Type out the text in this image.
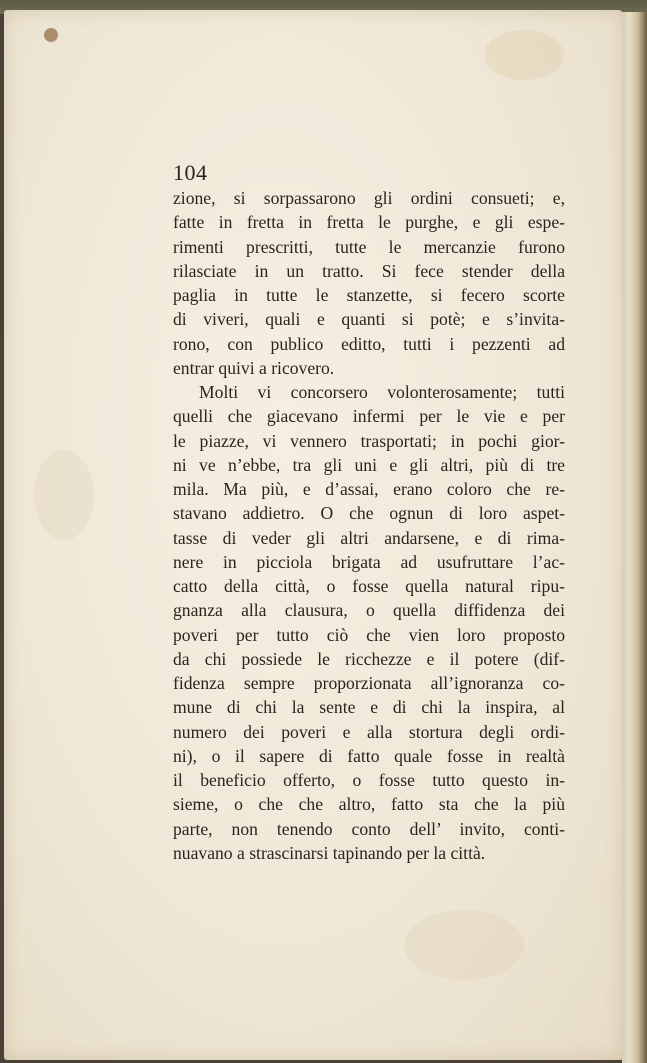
104
zione, si sorpassarono gli ordini consueti; e,
fatte in fretta in fretta le purghe, e gli espe-
rimenti prescritti, tutte le mercanzie furono
rilasciate in un tratto. Si fece stender della
paglia in tutte le stanzette, si fecero scorte
di viveri, quali e quanti si potè; e s’invita-
rono, con publico editto, tutti i pezzenti ad
entrar quivi a ricovero.
Molti vi concorsero volonterosamente; tutti
quelli che giacevano infermi per le vie e per
le piazze, vi vennero trasportati; in pochi gior-
ni ve n’ebbe, tra gli uni e gli altri, più di tre
mila. Ma più, e d’assai, erano coloro che re-
stavano addietro. O che ognun di loro aspet-
tasse di veder gli altri andarsene, e di rima-
nere in picciola brigata ad usufruttare l’ac-
catto della città, o fosse quella natural ripu-
gnanza alla clausura, o quella diffidenza dei
poveri per tutto ciò che vien loro proposto
da chi possiede le ricchezze e il potere (dif-
fidenza sempre proporzionata all’ignoranza co-
mune di chi la sente e di chi la inspira, al
numero dei poveri e alla stortura degli ordi-
ni), o il sapere di fatto quale fosse in realtà
il beneficio offerto, o fosse tutto questo in-
sieme, o che che altro, fatto sta che la più
parte, non tenendo conto dell’ invito, conti-
nuavano a strascinarsi tapinando per la città.
